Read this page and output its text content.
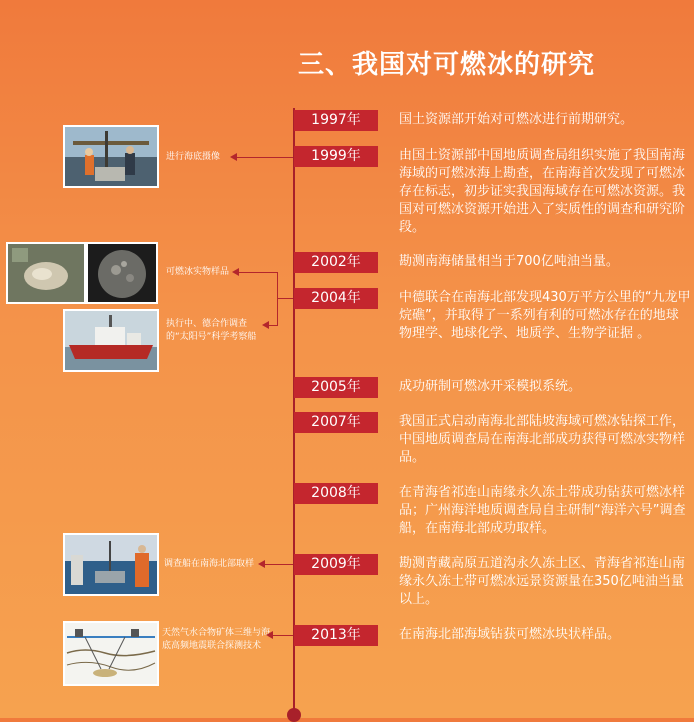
三、我国对可燃冰的研究
1997年	国土资源部开始对可燃冰进行前期研究。
1999年	由国土资源部中国地质调查局组织实施了我国南海海域的可燃冰海上勘查，在南海首次发现了可燃冰存在标志，初步证实我国海域存在可燃冰资源。我国对可燃冰资源开始进入了实质性的调查和研究阶段。
2002年	勘测南海储量相当于700亿吨油当量。
2004年	中德联合在南海北部发现430万平方公里的“九龙甲烷礁”，并取得了一系列有利的可燃冰存在的地球物理学、地球化学、地质学、生物学证据 。
2005年	成功研制可燃冰开采模拟系统。
2007年	我国正式启动南海北部陆坡海域可燃冰钻探工作，中国地质调查局在南海北部成功获得可燃冰实物样品。
2008年	在青海省祁连山南缘永久冻土带成功钻获可燃冰样品；广州海洋地质调查局自主研制“海洋六号”调查船，在南海北部成功取样。
2009年	勘测青藏高原五道沟永久冻土区、青海省祁连山南缘永久冻土带可燃冰远景资源量在350亿吨油当量以上。
2013年	在南海北部海域钻获可燃冰块状样品。
进行海底摄像
可燃冰实物样品
执行中、德合作调查的“太阳号”科学考察船
调查船在南海北部取样
天然气水合物矿体三维与海底高频地震联合探测技术
